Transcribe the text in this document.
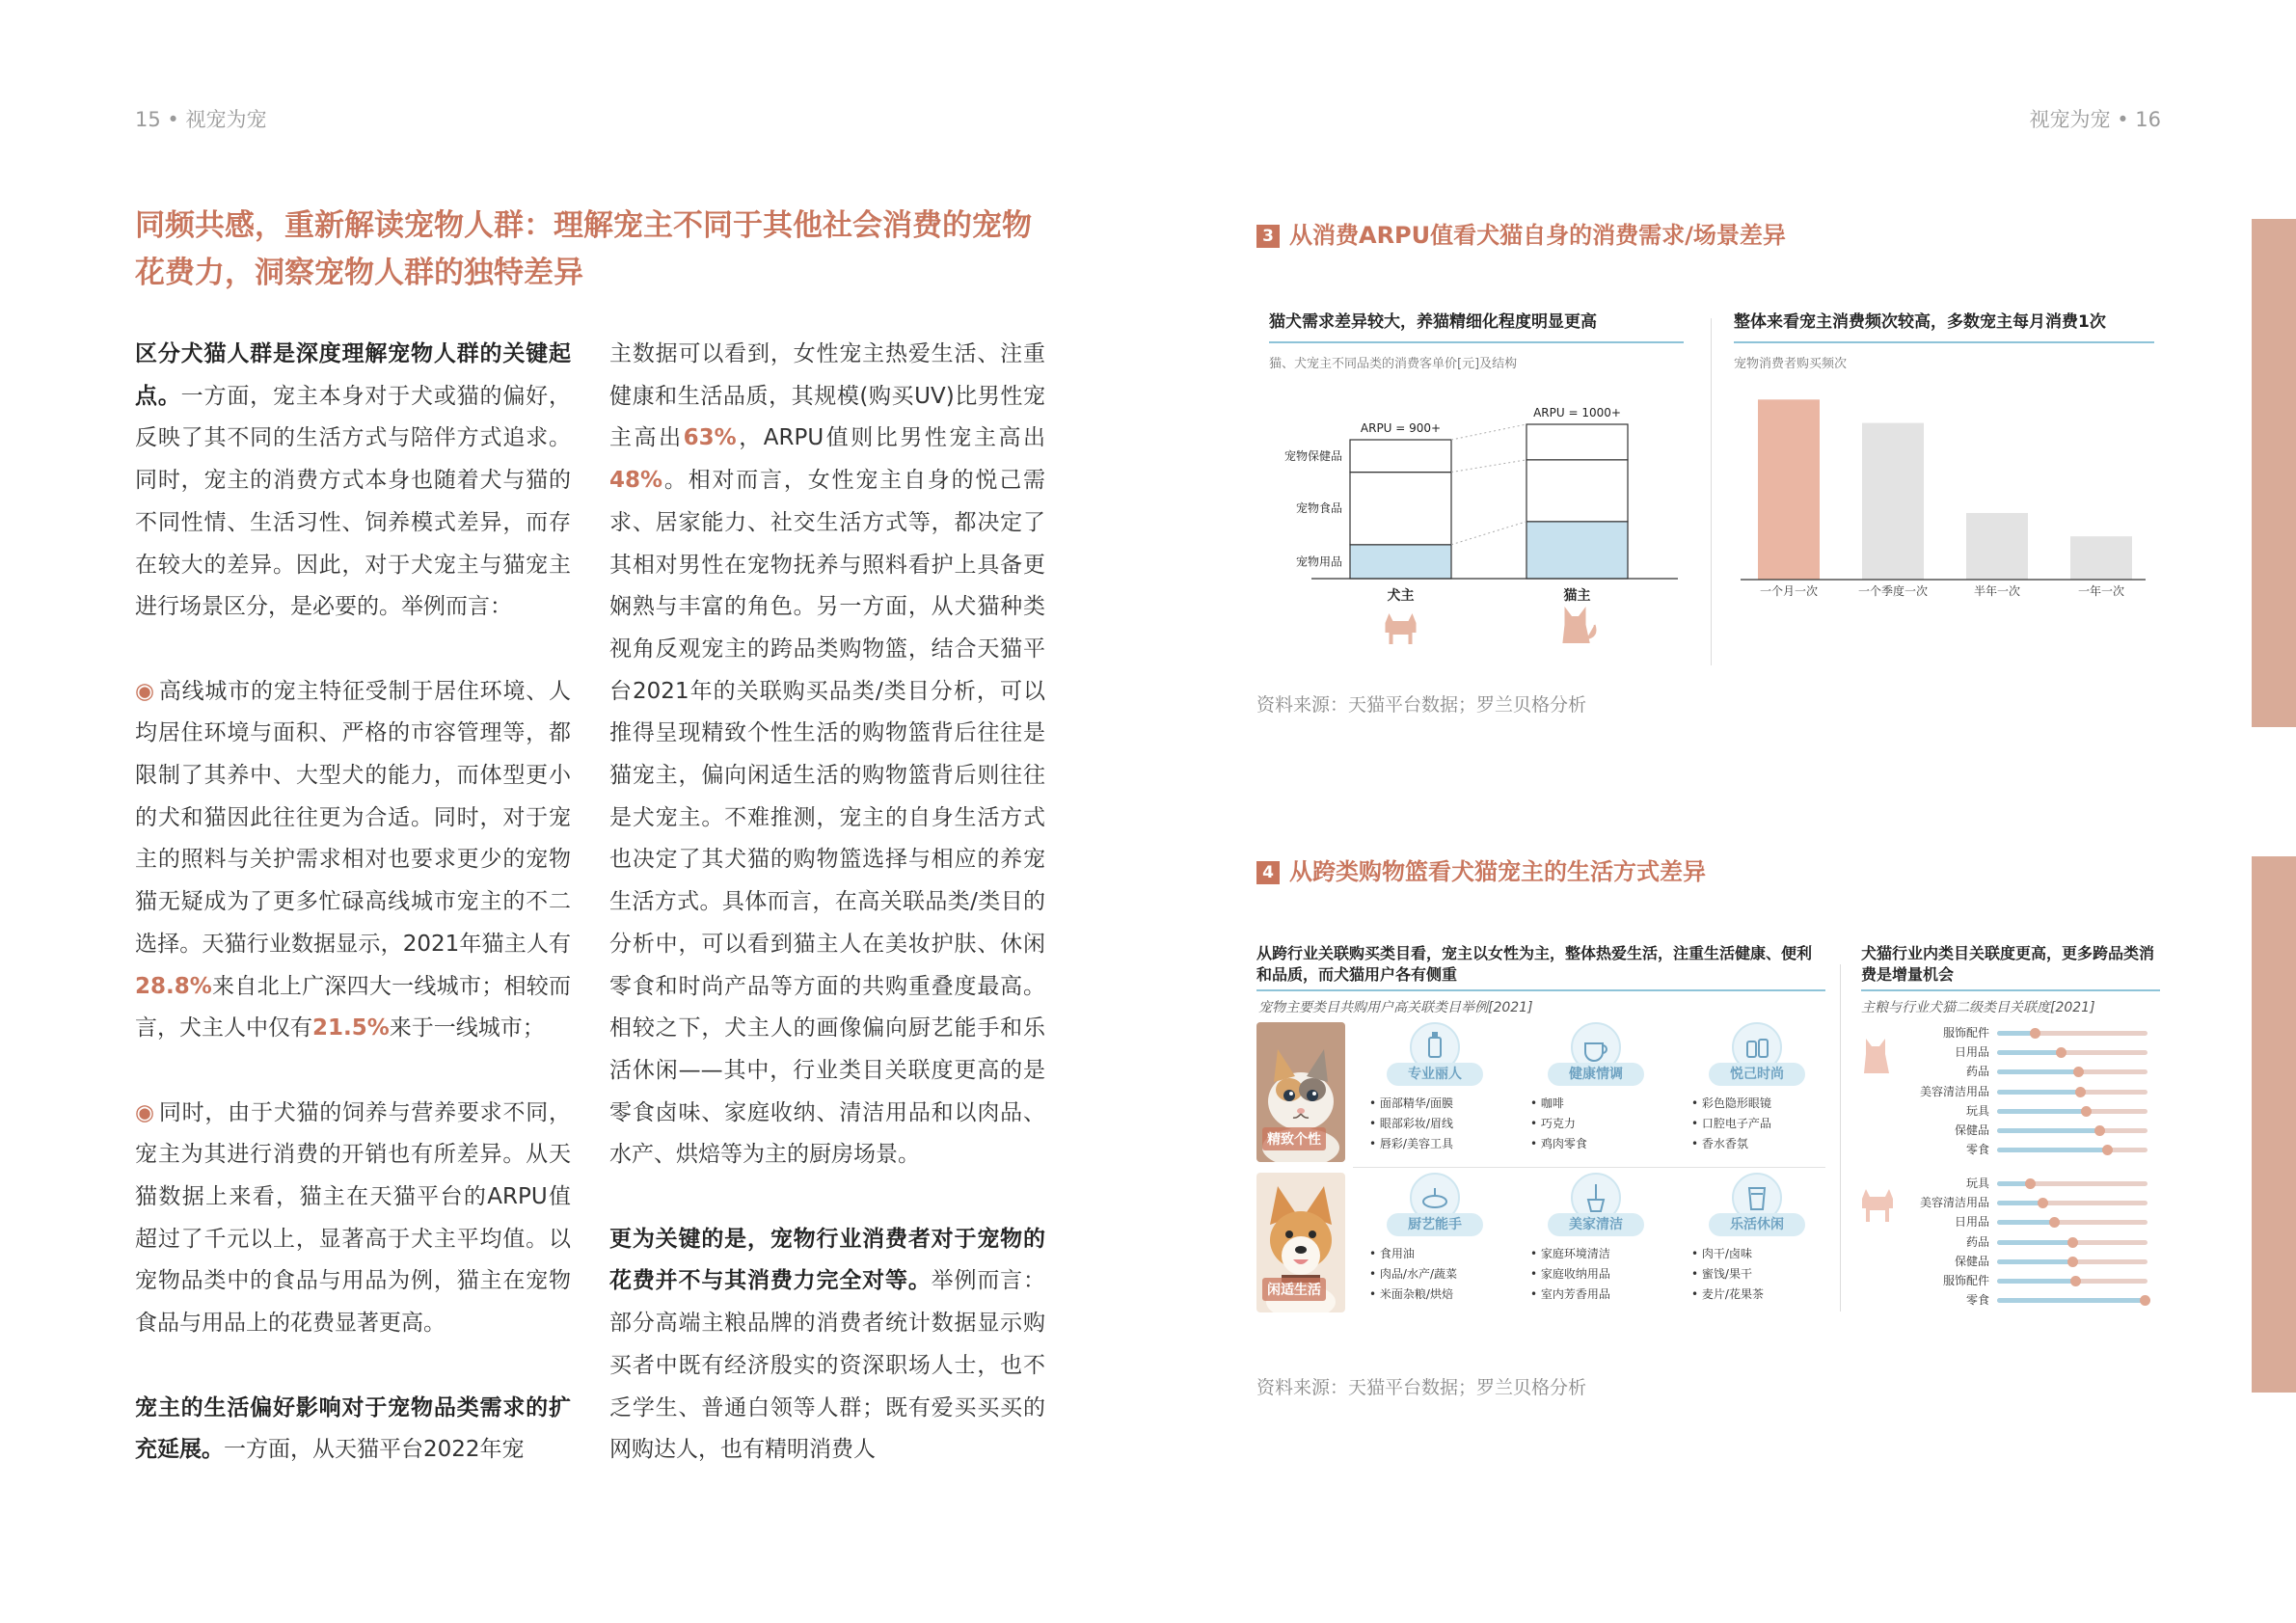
15 • 视宠为宠	视宠为宠 • 16
同频共感，重新解读宠物人群：理解宠主不同于其他社会消费的宠物花费力，洞察宠物人群的独特差异

区分犬猫人群是深度理解宠物人群的关键起点。一方面，宠主本身对于犬或猫的偏好，反映了其不同的生活方式与陪伴方式追求。同时，宠主的消费方式本身也随着犬与猫的不同性情、生活习性、饲养模式差异，而存在较大的差异。因此，对于犬宠主与猫宠主进行场景区分，是必要的。举例而言：

◉ 高线城市的宠主特征受制于居住环境、人均居住环境与面积、严格的市容管理等，都限制了其养中、大型犬的能力，而体型更小的犬和猫因此往往更为合适。同时，对于宠主的照料与关护需求相对也要求更少的宠物猫无疑成为了更多忙碌高线城市宠主的不二选择。天猫行业数据显示，2021年猫主人有28.8%来自北上广深四大一线城市；相较而言，犬主人中仅有21.5%来于一线城市；

◉ 同时，由于犬猫的饲养与营养要求不同，宠主为其进行消费的开销也有所差异。从天猫数据上来看，猫主在天猫平台的ARPU值超过了千元以上，显著高于犬主平均值。以宠物品类中的食品与用品为例，猫主在宠物食品与用品上的花费显著更高。

宠主的生活偏好影响对于宠物品类需求的扩充延展。一方面，从天猫平台2022年宠

主数据可以看到，女性宠主热爱生活、注重健康和生活品质，其规模(购买UV)比男性宠主高出63%，ARPU值则比男性宠主高出48%。相对而言，女性宠主自身的悦己需求、居家能力、社交生活方式等，都决定了其相对男性在宠物抚养与照料看护上具备更娴熟与丰富的角色。另一方面，从犬猫种类视角反观宠主的跨品类购物篮，结合天猫平台2021年的关联购买品类/类目分析，可以推得呈现精致个性生活的购物篮背后往往是猫宠主，偏向闲适生活的购物篮背后则往往是犬宠主。不难推测，宠主的自身生活方式也决定了其犬猫的购物篮选择与相应的养宠生活方式。具体而言，在高关联品类/类目的分析中，可以看到猫主人在美妆护肤、休闲零食和时尚产品等方面的共购重叠度最高。相较之下，犬主人的画像偏向厨艺能手和乐活休闲——其中，行业类目关联度更高的是零食卤味、家庭收纳、清洁用品和以肉品、水产、烘焙等为主的厨房场景。

更为关键的是，宠物行业消费者对于宠物的花费并不与其消费力完全对等。举例而言：部分高端主粮品牌的消费者统计数据显示购买者中既有经济殷实的资深职场人士，也不乏学生、普通白领等人群；既有爱买买买的网购达人，也有精明消费人

3 从消费ARPU值看犬猫自身的消费需求/场景差异
猫犬需求差异较大，养猫精细化程度明显更高
猫、犬宠主不同品类的消费客单价[元]及结构
犬主
ARPU = 900+
猫主
ARPU = 1000+
宠物用品
宠物食品
宠物保健品
整体来看宠主消费频次较高，多数宠主每月消费1次
宠物消费者购买频次
一个月一次	一个季度一次	半年一次	一年一次
资料来源：天猫平台数据；罗兰贝格分析
4 从跨类购物篮看犬猫宠主的生活方式差异
从跨行业关联购买类目看，宠主以女性为主，整体热爱生活，注重生活健康、便利和品质，而犬猫用户各有侧重
宠物主要类目共购用户高关联类目举例[2021]
精致个性
专业丽人
• 面部精华/面膜
• 眼部彩妆/眉线
• 唇彩/美容工具
健康情调
• 咖啡
• 巧克力
• 鸡肉零食
悦己时尚
• 彩色隐形眼镜
• 口腔电子产品
• 香水香氛
闲适生活
厨艺能手
• 食用油
• 肉品/水产/蔬菜
• 米面杂粮/烘焙
美家清洁
• 家庭环境清洁
• 家庭收纳用品
• 室内芳香用品
乐活休闲
• 肉干/卤味
• 蜜饯/果干
• 麦片/花果茶
犬猫行业内类目关联度更高，更多跨品类消费是增量机会
主粮与行业犬猫二级类目关联度[2021]
服饰配件
日用品
药品
美容清洁用品
玩具
保健品
零食
玩具
美容清洁用品
日用品
药品
保健品
服饰配件
零食
资料来源：天猫平台数据；罗兰贝格分析
